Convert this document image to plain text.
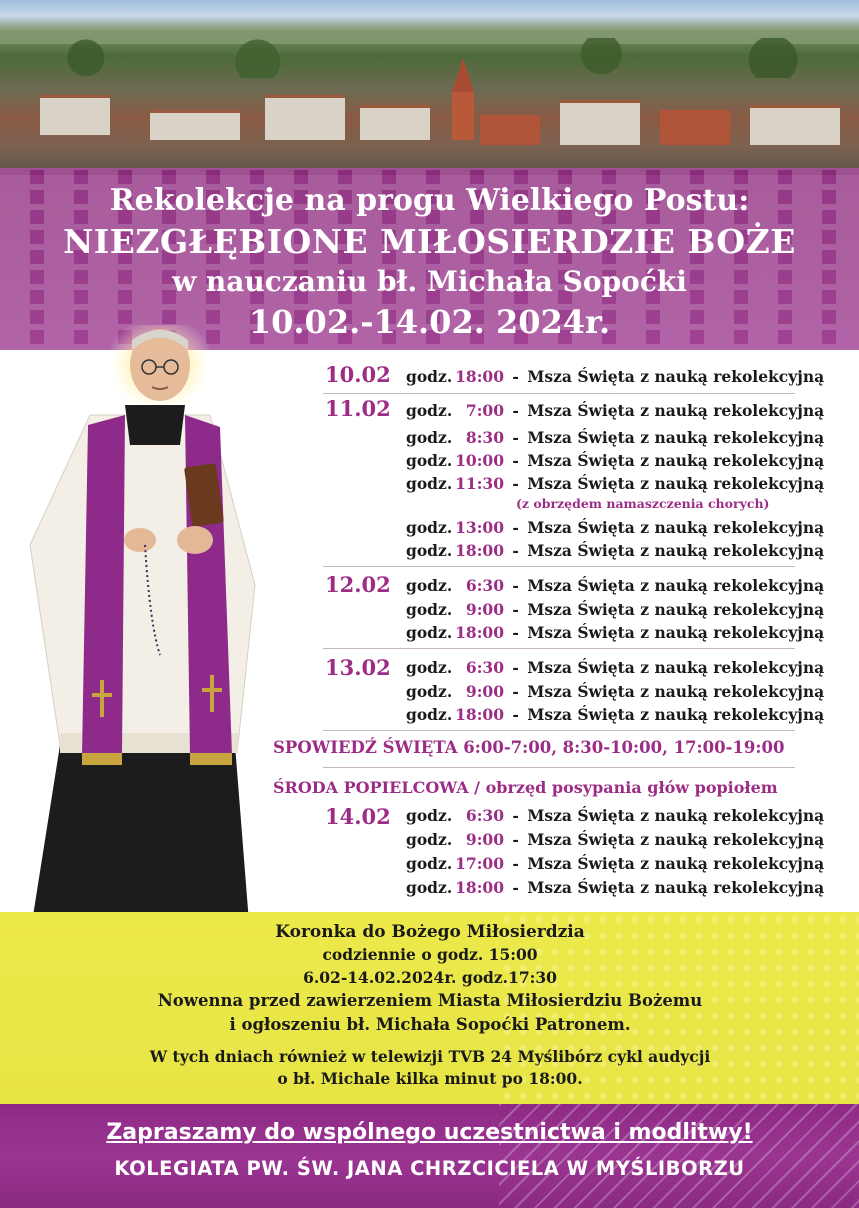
Rekolekcje na progu Wielkiego Postu:
NIEZGŁĘBIONE MIŁOSIERDZIE BOŻE
w nauczaniu bł. Michała Sopoćki
10.02.-14.02. 2024r.
10.02 godz. 18:00 - Msza Święta z nauką rekolekcyjną
11.02 godz. 7:00 - Msza Święta z nauką rekolekcyjną
godz. 8:30 - Msza Święta z nauką rekolekcyjną
godz. 10:00 - Msza Święta z nauką rekolekcyjną
godz. 11:30 - Msza Święta z nauką rekolekcyjną
(z obrzędem namaszczenia chorych)
godz. 13:00 - Msza Święta z nauką rekolekcyjną
godz. 18:00 - Msza Święta z nauką rekolekcyjną
12.02 godz. 6:30 - Msza Święta z nauką rekolekcyjną
godz. 9:00 - Msza Święta z nauką rekolekcyjną
godz. 18:00 - Msza Święta z nauką rekolekcyjną
13.02 godz. 6:30 - Msza Święta z nauką rekolekcyjną
godz. 9:00 - Msza Święta z nauką rekolekcyjną
godz. 18:00 - Msza Święta z nauką rekolekcyjną
SPOWIEDŹ ŚWIĘTA 6:00-7:00, 8:30-10:00, 17:00-19:00
ŚRODA POPIELCOWA / obrzęd posypania głów popiołem
14.02 godz. 6:30 - Msza Święta z nauką rekolekcyjną
godz. 9:00 - Msza Święta z nauką rekolekcyjną
godz. 17:00 - Msza Święta z nauką rekolekcyjną
godz. 18:00 - Msza Święta z nauką rekolekcyjną
Koronka do Bożego Miłosierdzia
codziennie o godz. 15:00
6.02-14.02.2024r. godz.17:30
Nowenna przed zawierzeniem Miasta Miłosierdziu Bożemu
i ogłoszeniu bł. Michała Sopoćki Patronem.
W tych dniach również w telewizji TVB 24 Myślibórz cykl audycji
o bł. Michale kilka minut po 18:00.
Zapraszamy do wspólnego uczestnictwa i modlitwy!
KOLEGIATA PW. ŚW. JANA CHRZCICIELA W MYŚLIBORZU
